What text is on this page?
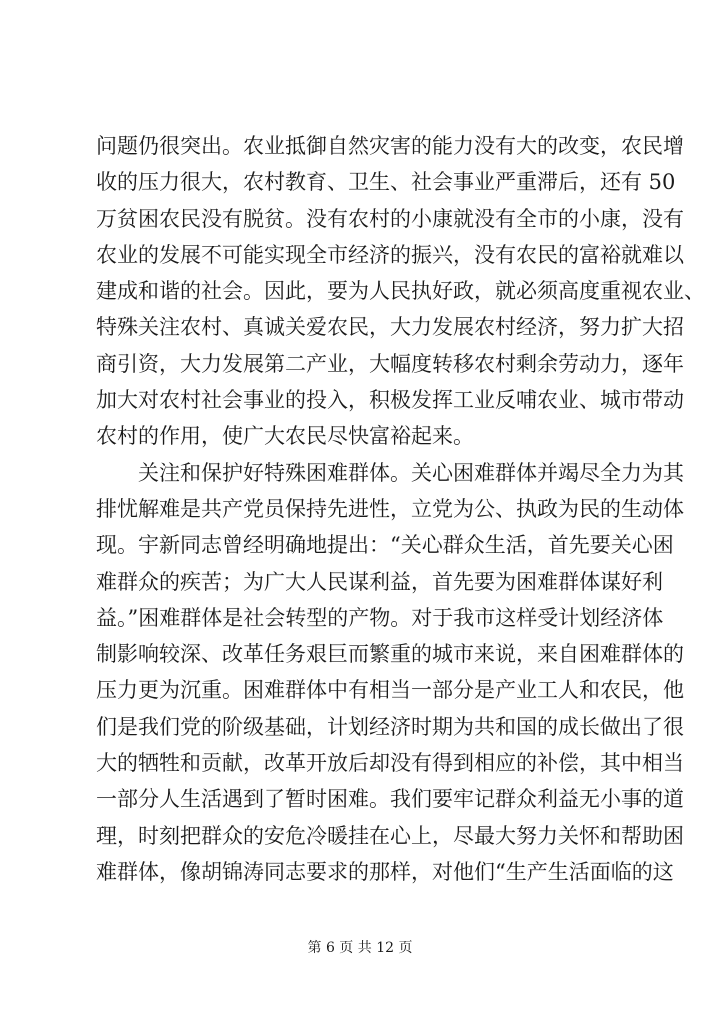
问题仍很突出。农业抵御自然灾害的能力没有大的改变，农民增
收的压力很大，农村教育、卫生、社会事业严重滞后，还有 50
万贫困农民没有脱贫。没有农村的小康就没有全市的小康，没有
农业的发展不可能实现全市经济的振兴，没有农民的富裕就难以
建成和谐的社会。因此，要为人民执好政，就必须高度重视农业、
特殊关注农村、真诚关爱农民，大力发展农村经济，努力扩大招
商引资，大力发展第二产业，大幅度转移农村剩余劳动力，逐年
加大对农村社会事业的投入，积极发挥工业反哺农业、城市带动
农村的作用，使广大农民尽快富裕起来。
关注和保护好特殊困难群体。关心困难群体并竭尽全力为其
排忧解难是共产党员保持先进性，立党为公、执政为民的生动体
现。宇新同志曾经明确地提出：“关心群众生活，首先要关心困
难群众的疾苦；为广大人民谋利益，首先要为困难群体谋好利
益。”困难群体是社会转型的产物。对于我市这样受计划经济体
制影响较深、改革任务艰巨而繁重的城市来说，来自困难群体的
压力更为沉重。困难群体中有相当一部分是产业工人和农民，他
们是我们党的阶级基础，计划经济时期为共和国的成长做出了很
大的牺牲和贡献，改革开放后却没有得到相应的补偿，其中相当
一部分人生活遇到了暂时困难。我们要牢记群众利益无小事的道
理，时刻把群众的安危冷暖挂在心上，尽最大努力关怀和帮助困
难群体，像胡锦涛同志要求的那样，对他们“生产生活面临的这
第 6 页 共 12 页
